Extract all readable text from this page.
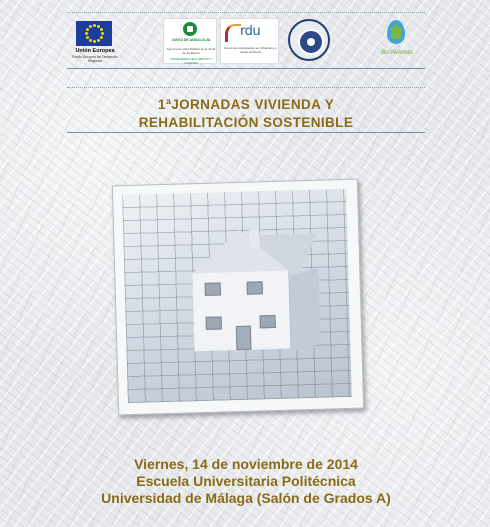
Unión Europea
Fondo Europeo de Desarrollo Regional
JUNTA DE ANDALUCIA
Agencia de Obra Pública de la Junta de Andalucía
CONSEJERÍA DE FOMENTO Y VIVIENDA
rdu
Grupo de Investigación en Urbanismo y medio ambiente	BioVivienda
1ªJORNADAS VIVIENDA Y
REHABILITACIÓN SOSTENIBLE
Viernes, 14 de noviembre de 2014
Escuela Universitaria Politécnica
Universidad de Málaga (Salón de Grados A)
